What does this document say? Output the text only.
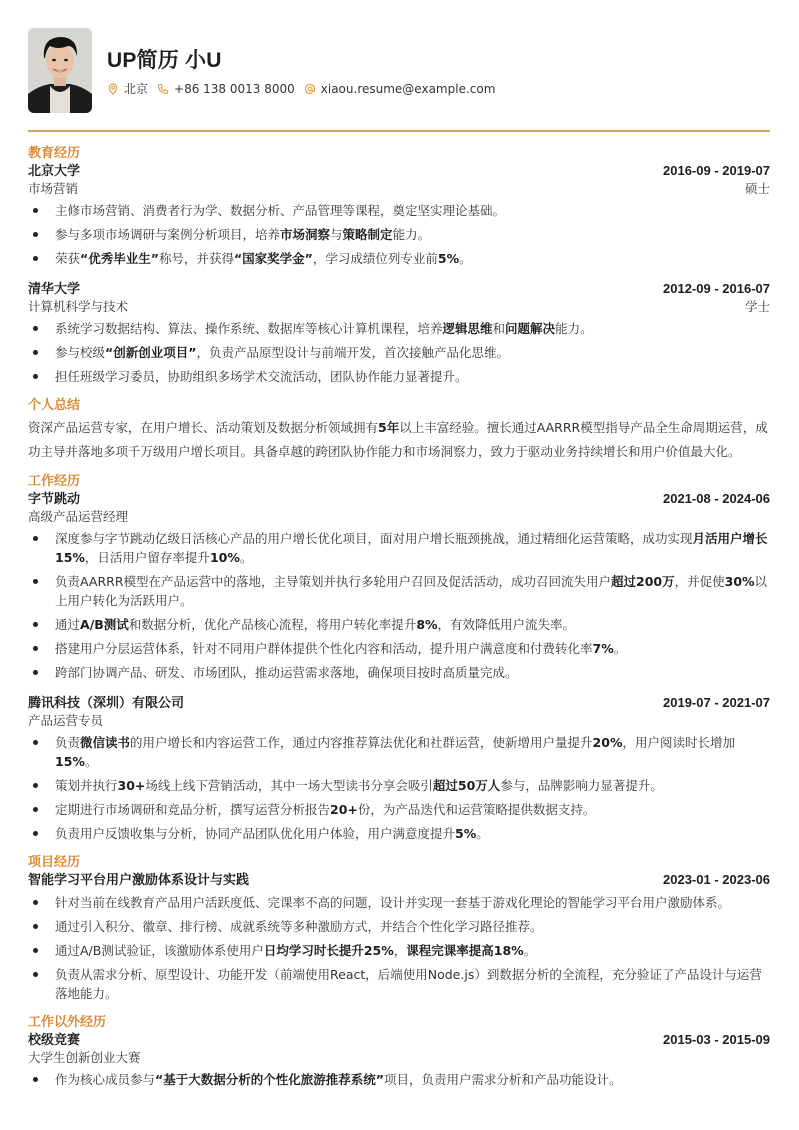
UP简历 小U
北京 +86 138 0013 8000 xiaou.resume@example.com
教育经历
北京大学	2016-09 - 2019-07
市场营销	硕士
主修市场营销、消费者行为学、数据分析、产品管理等课程，奠定坚实理论基础。
参与多项市场调研与案例分析项目，培养市场洞察与策略制定能力。
荣获“优秀毕业生”称号，并获得“国家奖学金”，学习成绩位列专业前5%。
清华大学	2012-09 - 2016-07
计算机科学与技术	学士
系统学习数据结构、算法、操作系统、数据库等核心计算机课程，培养逻辑思维和问题解决能力。
参与校级“创新创业项目”，负责产品原型设计与前端开发，首次接触产品化思维。
担任班级学习委员，协助组织多场学术交流活动，团队协作能力显著提升。
个人总结

资深产品运营专家，在用户增长、活动策划及数据分析领域拥有5年以上丰富经验。擅长通过AARRR模型指导产品全生命周期运营，成功主导并落地多项千万级用户增长项目。具备卓越的跨团队协作能力和市场洞察力，致力于驱动业务持续增长和用户价值最大化。

工作经历
字节跳动	2021-08 - 2024-06
高级产品运营经理
深度参与字节跳动亿级日活核心产品的用户增长优化项目，面对用户增长瓶颈挑战，通过精细化运营策略，成功实现月活用户增长15%，日活用户留存率提升10%。
负责AARRR模型在产品运营中的落地，主导策划并执行多轮用户召回及促活活动，成功召回流失用户超过200万，并促使30%以上用户转化为活跃用户。
通过A/B测试和数据分析，优化产品核心流程，将用户转化率提升8%，有效降低用户流失率。
搭建用户分层运营体系，针对不同用户群体提供个性化内容和活动，提升用户满意度和付费转化率7%。
跨部门协调产品、研发、市场团队，推动运营需求落地，确保项目按时高质量完成。
腾讯科技（深圳）有限公司	2019-07 - 2021-07
产品运营专员
负责微信读书的用户增长和内容运营工作，通过内容推荐算法优化和社群运营，使新增用户量提升20%，用户阅读时长增加15%。
策划并执行30+场线上线下营销活动，其中一场大型读书分享会吸引超过50万人参与，品牌影响力显著提升。
定期进行市场调研和竞品分析，撰写运营分析报告20+份，为产品迭代和运营策略提供数据支持。
负责用户反馈收集与分析，协同产品团队优化用户体验，用户满意度提升5%。
项目经历
智能学习平台用户激励体系设计与实践	2023-01 - 2023-06
针对当前在线教育产品用户活跃度低、完课率不高的问题，设计并实现一套基于游戏化理论的智能学习平台用户激励体系。
通过引入积分、徽章、排行榜、成就系统等多种激励方式，并结合个性化学习路径推荐。
通过A/B测试验证，该激励体系使用户日均学习时长提升25%，课程完课率提高18%。
负责从需求分析、原型设计、功能开发（前端使用React，后端使用Node.js）到数据分析的全流程，充分验证了产品设计与运营落地能力。
工作以外经历
校级竞赛	2015-03 - 2015-09
大学生创新创业大赛
作为核心成员参与“基于大数据分析的个性化旅游推荐系统”项目，负责用户需求分析和产品功能设计。
